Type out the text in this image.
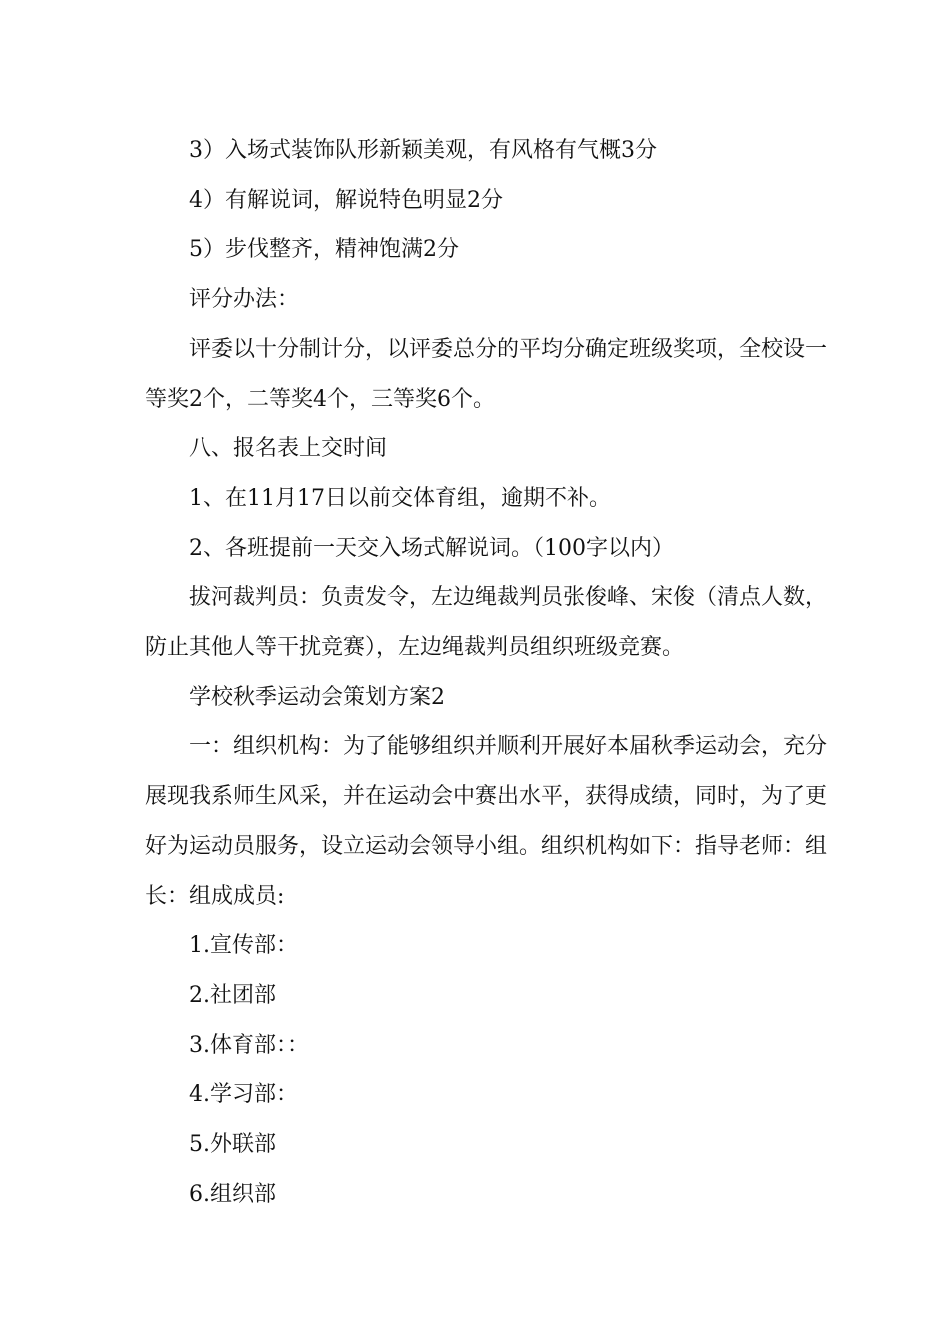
3）入场式装饰队形新颖美观，有风格有气概3分

4）有解说词，解说特色明显2分

5）步伐整齐，精神饱满2分

评分办法：

评委以十分制计分，以评委总分的平均分确定班级奖项，全校设一等奖2个，二等奖4个，三等奖6个。

八、报名表上交时间

1、在11月17日以前交体育组，逾期不补。

2、各班提前一天交入场式解说词。（100字以内）

拔河裁判员：负责发令，左边绳裁判员张俊峰、宋俊（清点人数，防止其他人等干扰竞赛），左边绳裁判员组织班级竞赛。

学校秋季运动会策划方案2

一：组织机构：为了能够组织并顺利开展好本届秋季运动会，充分展现我系师生风采，并在运动会中赛出水平，获得成绩，同时，为了更好为运动员服务，设立运动会领导小组。组织机构如下：指导老师：组长：组成成员:

1.宣传部：

2.社团部

3.体育部：：

4.学习部：

5.外联部

6.组织部
